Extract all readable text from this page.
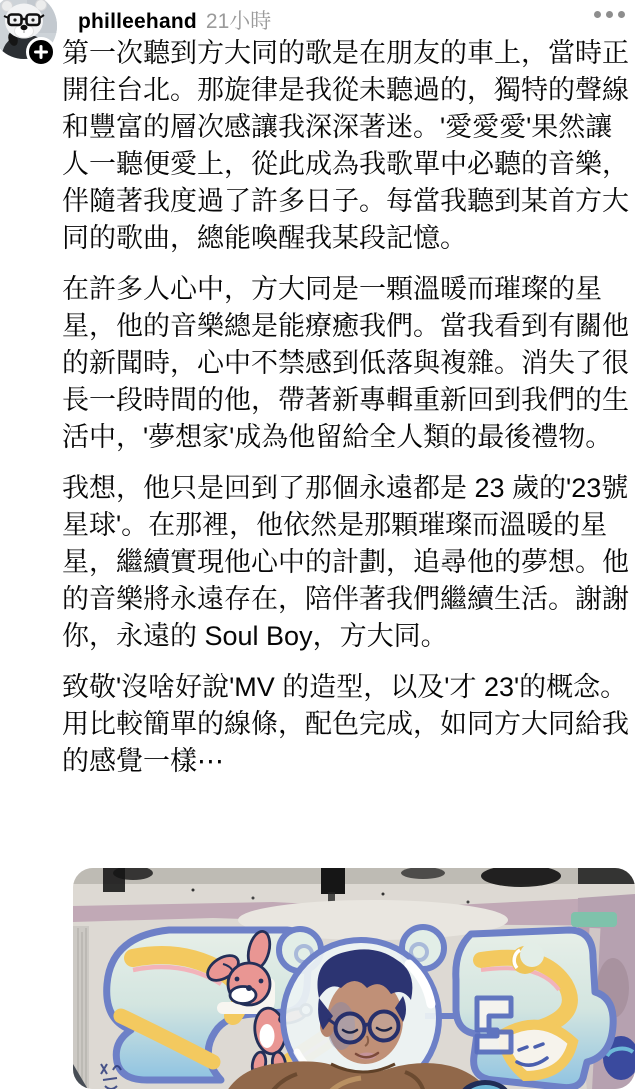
philleehand 21小時

第一次聽到方大同的歌是在朋友的車上，當時正開往台北。那旋律是我從未聽過的，獨特的聲線和豐富的層次感讓我深深著迷。'愛愛愛'果然讓人一聽便愛上，從此成為我歌單中必聽的音樂，伴隨著我度過了許多日子。每當我聽到某首方大同的歌曲，總能喚醒我某段記憶。

在許多人心中，方大同是一顆溫暖而璀璨的星星，他的音樂總是能療癒我們。當我看到有關他的新聞時，心中不禁感到低落與複雜。消失了很長一段時間的他，帶著新專輯重新回到我們的生活中，'夢想家'成為他留給全人類的最後禮物。

我想，他只是回到了那個永遠都是 23 歲的'23號星球'。在那裡，他依然是那顆璀璨而溫暖的星星，繼續實現他心中的計劃，追尋他的夢想。他的音樂將永遠存在，陪伴著我們繼續生活。謝謝你，永遠的 Soul Boy，方大同。

致敬'沒啥好說'MV 的造型，以及'才 23'的概念。

用比較簡單的線條，配色完成，如同方大同給我的感覺一樣⋯
